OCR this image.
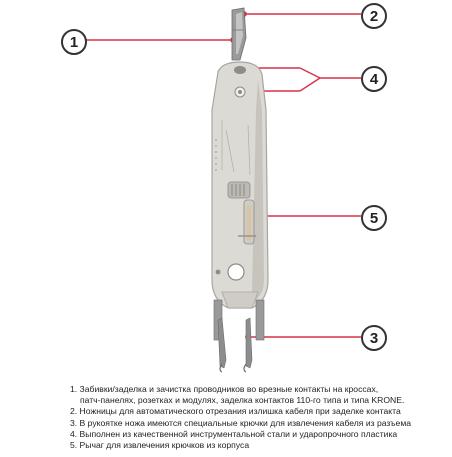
1
2
3
4
5
1. Забивки/заделка и зачистка проводников во врезные контакты на кроссах,
патч-панелях, розетках и модулях, заделка контактов 110-го типа и типа KRONE.
2. Ножницы для автоматического отрезания излишка кабеля при заделке контакта
3. В рукоятке ножа имеются специальные крючки для извлечения кабеля из разъема
4. Выполнен из качественной инструментальной стали и ударопрочного пластика
5. Рычаг для извлечения крючков из корпуса
